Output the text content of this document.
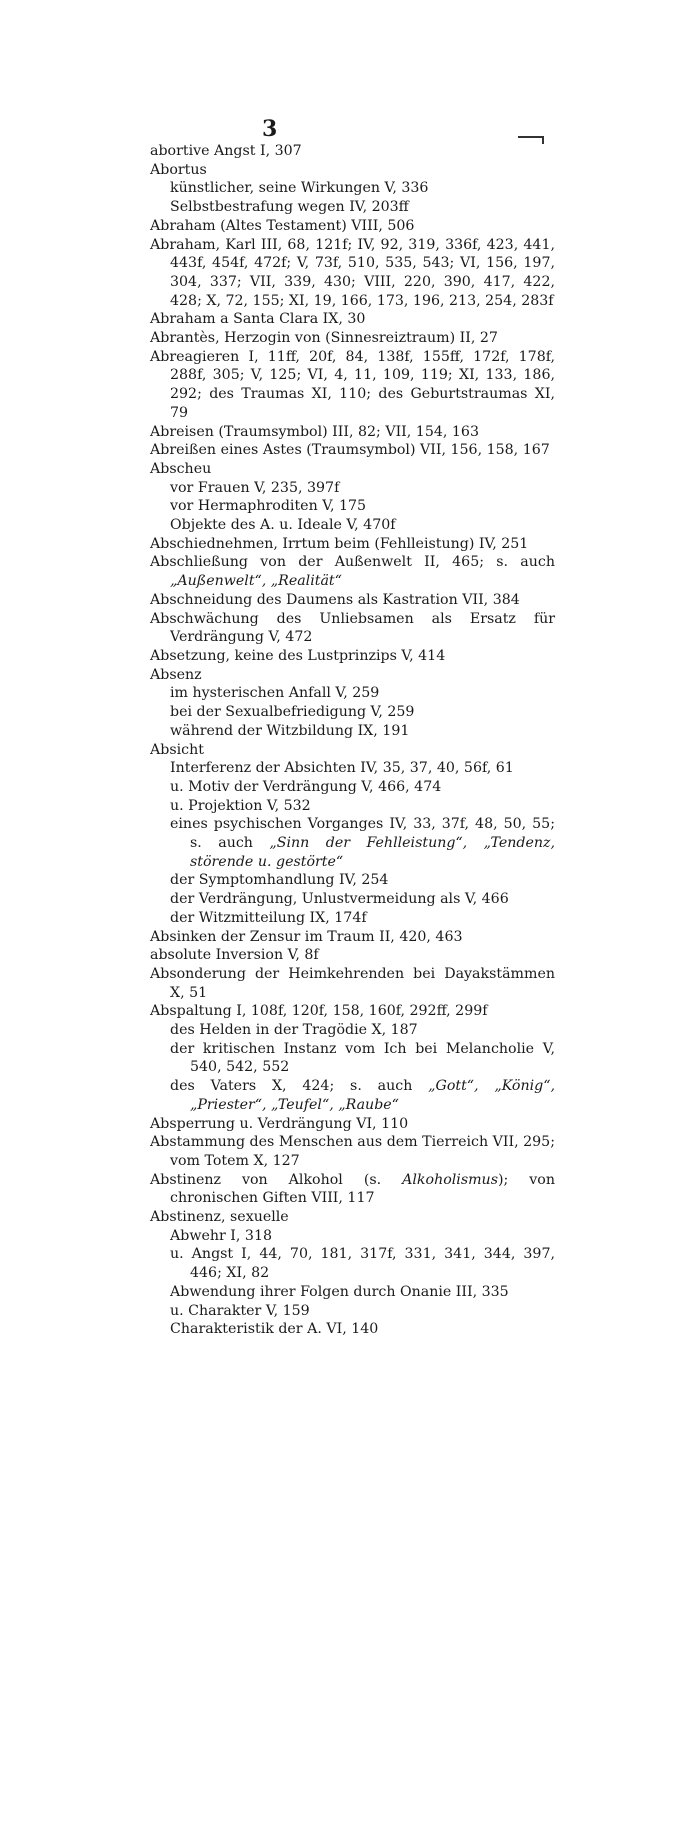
3
abortive Angst I, 307
Abortus
künstlicher, seine Wirkungen V, 336
Selbstbestrafung wegen IV, 203ff
Abraham (Altes Testament) VIII, 506
Abraham, Karl III, 68, 121f; IV, 92, 319, 336f, 423, 441, 443f, 454f, 472f; V, 73f, 510, 535, 543; VI, 156, 197, 304, 337; VII, 339, 430; VIII, 220, 390, 417, 422, 428; X, 72, 155; XI, 19, 166, 173, 196, 213, 254, 283f
Abraham a Santa Clara IX, 30
Abrantès, Herzogin von (Sinnesreiztraum) II, 27
Abreagieren I, 11ff, 20f, 84, 138f, 155ff, 172f, 178f, 288f, 305; V, 125; VI, 4, 11, 109, 119; XI, 133, 186, 292; des Traumas XI, 110; des Geburtstraumas XI, 79
Abreisen (Traumsymbol) III, 82; VII, 154, 163
Abreißen eines Astes (Traumsymbol) VII, 156, 158, 167
Abscheu
vor Frauen V, 235, 397f
vor Hermaphroditen V, 175
Objekte des A. u. Ideale V, 470f
Abschiednehmen, Irrtum beim (Fehlleistung) IV, 251
Abschließung von der Außenwelt II, 465; s. auch „Außenwelt“, „Realität“
Abschneidung des Daumens als Kastration VII, 384
Abschwächung des Unliebsamen als Ersatz für Verdrängung V, 472
Absetzung, keine des Lustprinzips V, 414
Absenz
im hysterischen Anfall V, 259
bei der Sexualbefriedigung V, 259
während der Witzbildung IX, 191
Absicht
Interferenz der Absichten IV, 35, 37, 40, 56f, 61
u. Motiv der Verdrängung V, 466, 474
u. Projektion V, 532
eines psychischen Vorganges IV, 33, 37f, 48, 50, 55; s. auch „Sinn der Fehlleistung“, „Tendenz, störende u. gestörte“
der Symptomhandlung IV, 254
der Verdrängung, Unlustvermeidung als V, 466
der Witzmitteilung IX, 174f
Absinken der Zensur im Traum II, 420, 463
absolute Inversion V, 8f
Absonderung der Heimkehrenden bei Dayakstämmen X, 51
Abspaltung I, 108f, 120f, 158, 160f, 292ff, 299f
des Helden in der Tragödie X, 187
der kritischen Instanz vom Ich bei Melancholie V, 540, 542, 552
des Vaters X, 424; s. auch „Gott“, „König“, „Priester“, „Teufel“, „Raube“
Absperrung u. Verdrängung VI, 110
Abstammung des Menschen aus dem Tierreich VII, 295; vom Totem X, 127
Abstinenz von Alkohol (s. Alkoholismus); von chronischen Giften VIII, 117
Abstinenz, sexuelle
Abwehr I, 318
u. Angst I, 44, 70, 181, 317f, 331, 341, 344, 397, 446; XI, 82
Abwendung ihrer Folgen durch Onanie III, 335
u. Charakter V, 159
Charakteristik der A. VI, 140
